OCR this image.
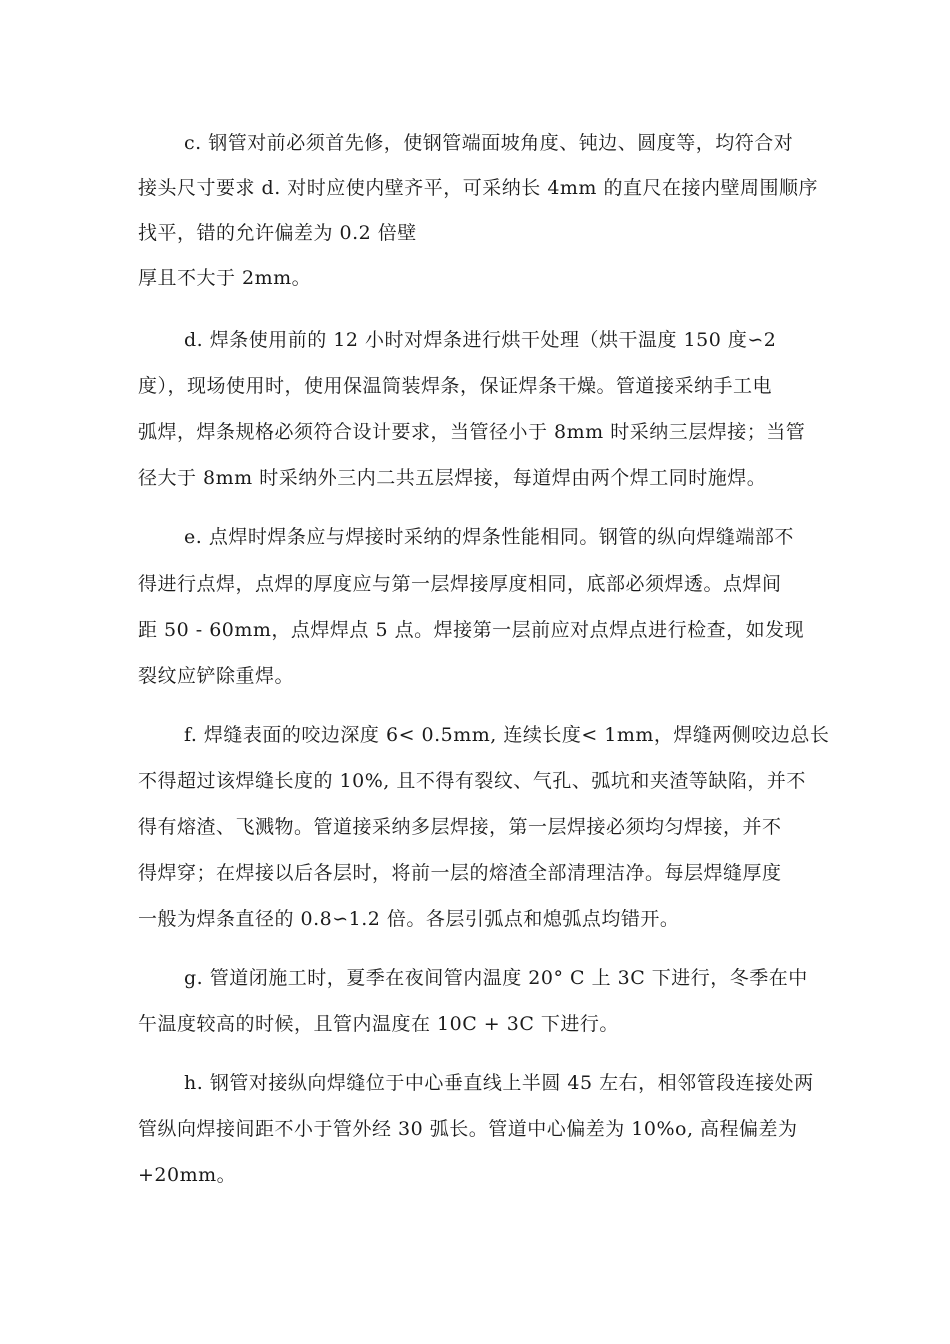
c. 钢管对前必须首先修，使钢管端面坡角度、钝边、圆度等，均符合对
接头尺寸要求 d. 对时应使内壁齐平，可采纳长 4mm 的直尺在接内壁周围顺序
找平，错的允许偏差为 0.2 倍壁
厚且不大于 2mm。
d. 焊条使用前的 12 小时对焊条进行烘干处理（烘干温度 150 度∽2
度），现场使用时，使用保温筒装焊条，保证焊条干燥。管道接采纳手工电
弧焊，焊条规格必须符合设计要求，当管径小于 8mm 时采纳三层焊接；当管
径大于 8mm 时采纳外三内二共五层焊接，每道焊由两个焊工同时施焊。
e. 点焊时焊条应与焊接时采纳的焊条性能相同。钢管的纵向焊缝端部不
得进行点焊，点焊的厚度应与第一层焊接厚度相同，底部必须焊透。点焊间
距 50 - 60mm，点焊焊点 5 点。焊接第一层前应对点焊点进行检查，如发现
裂纹应铲除重焊。
f. 焊缝表面的咬边深度 6< 0.5mm, 连续长度< 1mm，焊缝两侧咬边总长
不得超过该焊缝长度的 10%, 且不得有裂纹、气孔、弧坑和夹渣等缺陷，并不
得有熔渣、飞溅物。管道接采纳多层焊接，第一层焊接必须均匀焊接，并不
得焊穿；在焊接以后各层时，将前一层的熔渣全部清理洁净。每层焊缝厚度
一般为焊条直径的 0.8∽1.2 倍。各层引弧点和熄弧点均错开。
g. 管道闭施工时，夏季在夜间管内温度 20° C 上 3C 下进行，冬季在中
午温度较高的时候，且管内温度在 10C + 3C 下进行。
h. 钢管对接纵向焊缝位于中心垂直线上半圆 45 左右，相邻管段连接处两
管纵向焊接间距不小于管外经 30 弧长。管道中心偏差为 10%o, 高程偏差为
+20mm。
